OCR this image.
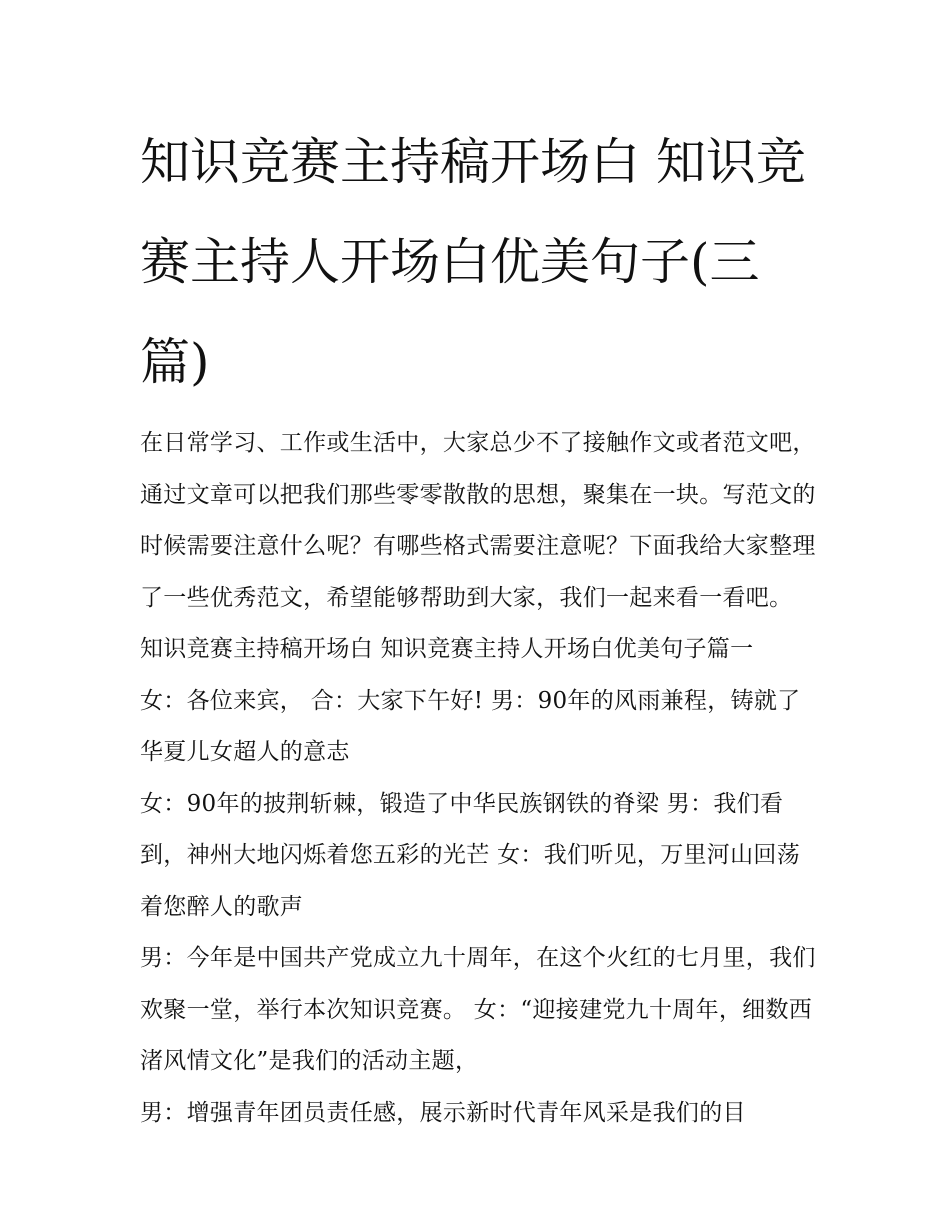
知识竞赛主持稿开场白 知识竞赛主持人开场白优美句子(三篇)

在日常学习、工作或生活中，大家总少不了接触作文或者范文吧，通过文章可以把我们那些零零散散的思想，聚集在一块。写范文的时候需要注意什么呢？有哪些格式需要注意呢？下面我给大家整理了一些优秀范文，希望能够帮助到大家，我们一起来看一看吧。

知识竞赛主持稿开场白 知识竞赛主持人开场白优美句子篇一

女：各位来宾， 合：大家下午好! 男：90年的风雨兼程，铸就了华夏儿女超人的意志

女：90年的披荆斩棘，锻造了中华民族钢铁的脊梁 男：我们看到，神州大地闪烁着您五彩的光芒 女：我们听见，万里河山回荡着您醉人的歌声

男：今年是中国共产党成立九十周年，在这个火红的七月里，我们欢聚一堂，举行本次知识竞赛。 女：“迎接建党九十周年，细数西渚风情文化”是我们的活动主题，

男：增强青年团员责任感，展示新时代青年风采是我们的目
